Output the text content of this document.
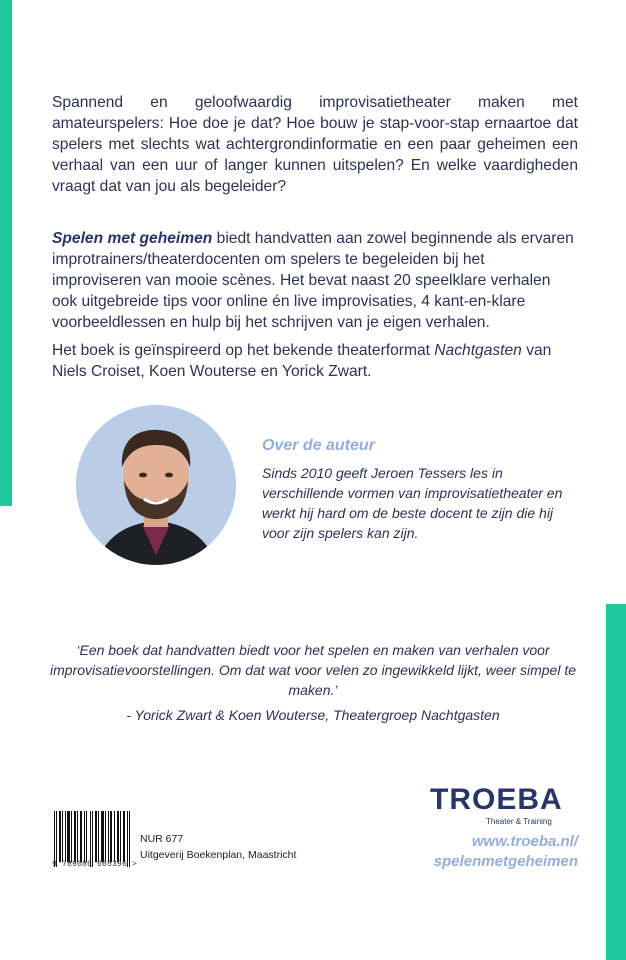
Spannend en geloofwaardig improvisatietheater maken met amateurspelers: Hoe doe je dat? Hoe bouw je stap-voor-stap ernaartoe dat spelers met slechts wat achtergrondinformatie en een paar geheimen een verhaal van een uur of langer kunnen uitspelen? En welke vaardigheden vraagt dat van jou als begeleider?

Spelen met geheimen biedt handvatten aan zowel beginnende als ervaren improtrainers/theaterdocenten om spelers te begeleiden bij het improviseren van mooie scènes. Het bevat naast 20 speelklare verhalen ook uitgebreide tips voor online én live improvisaties, 4 kant-en-klare voorbeeldlessen en hulp bij het schrijven van je eigen verhalen.

Het boek is geïnspireerd op het bekende theaterformat Nachtgasten van Niels Croiset, Koen Wouterse en Yorick Zwart.

Over de auteur

Sinds 2010 geeft Jeroen Tessers les in verschillende vormen van improvisatietheater en werkt hij hard om de beste docent te zijn die hij voor zijn spelers kan zijn.

‘Een boek dat handvatten biedt voor het spelen en maken van verhalen voor improvisatievoorstellingen. Om dat wat voor velen zo ingewikkeld lijkt, weer simpel te maken.’

- Yorick Zwart & Koen Wouterse, Theatergroep Nachtgasten

9 789086 665396 >
NUR 677
Uitgeverij Boekenplan, Maastricht
TROEBA
Theater & Training
www.troeba.nl/
spelenmetgeheimen
